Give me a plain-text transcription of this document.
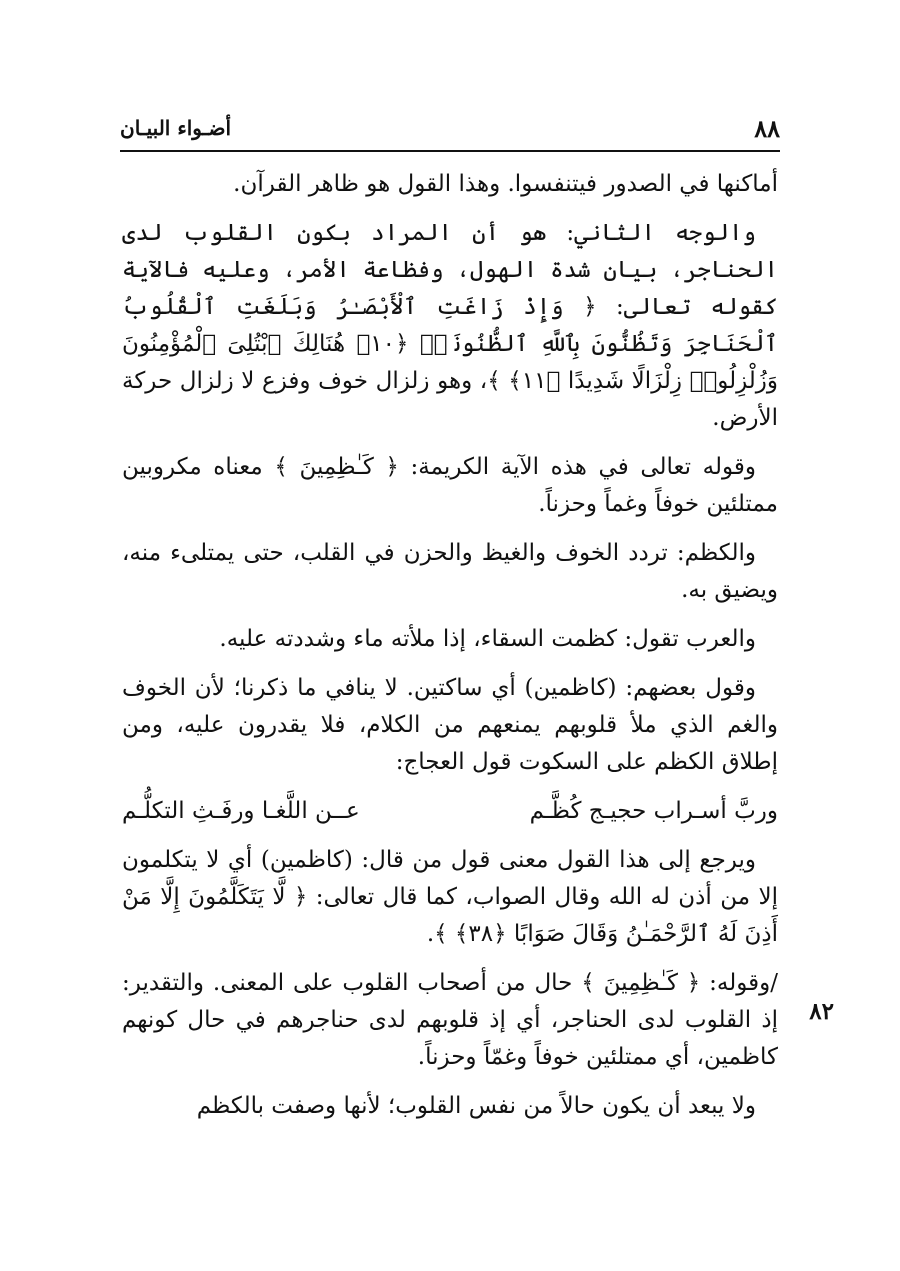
٨٨
أضـواء البيـان
٨٢

أماكنها في الصدور فيتنفسوا. وهذا القول هو ظاهر القرآن.

والوجه الثاني: هو أن المراد بكون القلوب لدى الحناجر، بيان شدة الهول، وفظاعة الأمر، وعليه فالآية كقوله تعالى: ﴿ وَإِذْ زَاغَتِ ٱلْأَبْصَـٰرُ وَبَلَغَتِ ٱلْقُلُوبُ ٱلْحَنَاجِرَ وَتَظُنُّونَ بِٱللَّهِ ٱلظُّنُونَا۠ ﴿١٠﴾ هُنَالِكَ ٱبْتُلِىَ ٱلْمُؤْمِنُونَ وَزُلْزِلُوا۟ زِلْزَالًا شَدِيدًا ﴿١١﴾ ﴾، وهو زلزال خوف وفزع لا زلزال حركة الأرض.

وقوله تعالى في هذه الآية الكريمة: ﴿ كَـٰظِمِينَ ﴾ معناه مكروبين ممتلئين خوفاً وغماً وحزناً.

والكظم: تردد الخوف والغيظ والحزن في القلب، حتى يمتلىء منه، ويضيق به.

والعرب تقول: كظمت السقاء، إذا ملأته ماء وشددته عليه.

وقول بعضهم: (كاظمين) أي ساكتين. لا ينافي ما ذكرنا؛ لأن الخوف والغم الذي ملأ قلوبهم يمنعهم من الكلام، فلا يقدرون عليه، ومن إطلاق الكظم على السكوت قول العجاج:

وربَّ أسـراب حجيـج كُظَّـم
عــن اللَّغـا ورفَـثِ التكلُّـم

ويرجع إلى هذا القول معنى قول من قال: (كاظمين) أي لا يتكلمون إلا من أذن له الله وقال الصواب، كما قال تعالى: ﴿ لَّا يَتَكَلَّمُونَ إِلَّا مَنْ أَذِنَ لَهُ ٱلرَّحْمَـٰنُ وَقَالَ صَوَابًا ﴿٣٨﴾ ﴾.

/وقوله: ﴿ كَـٰظِمِينَ ﴾ حال من أصحاب القلوب على المعنى. والتقدير: إذ القلوب لدى الحناجر، أي إذ قلوبهم لدى حناجرهم في حال كونهم كاظمين، أي ممتلئين خوفاً وغمّاً وحزناً.

ولا يبعد أن يكون حالاً من نفس القلوب؛ لأنها وصفت بالكظم
